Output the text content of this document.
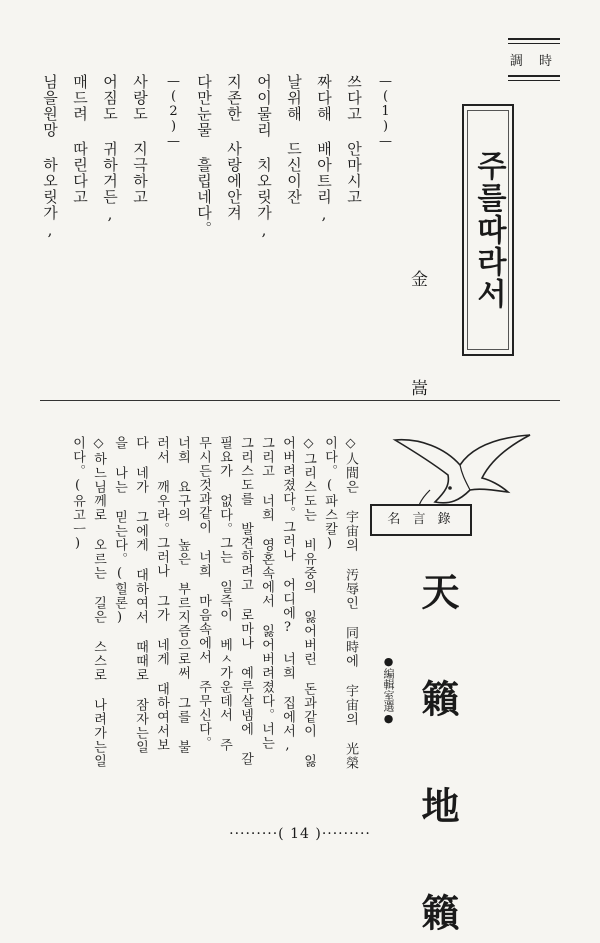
調 時
주를따라서
金 嵩
—(1)—
쓰다고 안마시고
짜다해 배아트리,
날위해 드신이잔
어이물리 치오릿가,
지존한 사랑에안겨
다만눈물 흘립네다。
—(2)—
사랑도 지극하고
어짐도 귀하거든,
매드려 따린다고
님을원망 하오릿가,
名 言 錄
天 籟 地 籟
●編輯室選●
◇人間은 宇宙의 汚辱인 同時에 宇宙의 光榮
이다。(파스칼)
◇그리스도는 비유중의 잃어버린 돈과같이 잃
어버려졌다。그러나 어디에? 너희 집에서,
그리고 너희 영혼속에서 잃어버려졌다。너는
그리스도를 발견하려고 로마나 예루살넴에 갈
필요가 없다。그는 일즉이 베ㅅ가운데서 주
무시든것과같이 너희 마음속에서 주무신다。
너희 요구의 높은 부르지즘으로써 그를 불
러서 깨우라。그러나 그가 네게 대하여서보
다 네가 그에게 대하여서 때때로 잠자는일
을 나는 믿는다。(힐론)
◇하느님께로 오르는 길은 스스로 나려가는일
이다。(유고ㅡ)
·········( 14 )·········
